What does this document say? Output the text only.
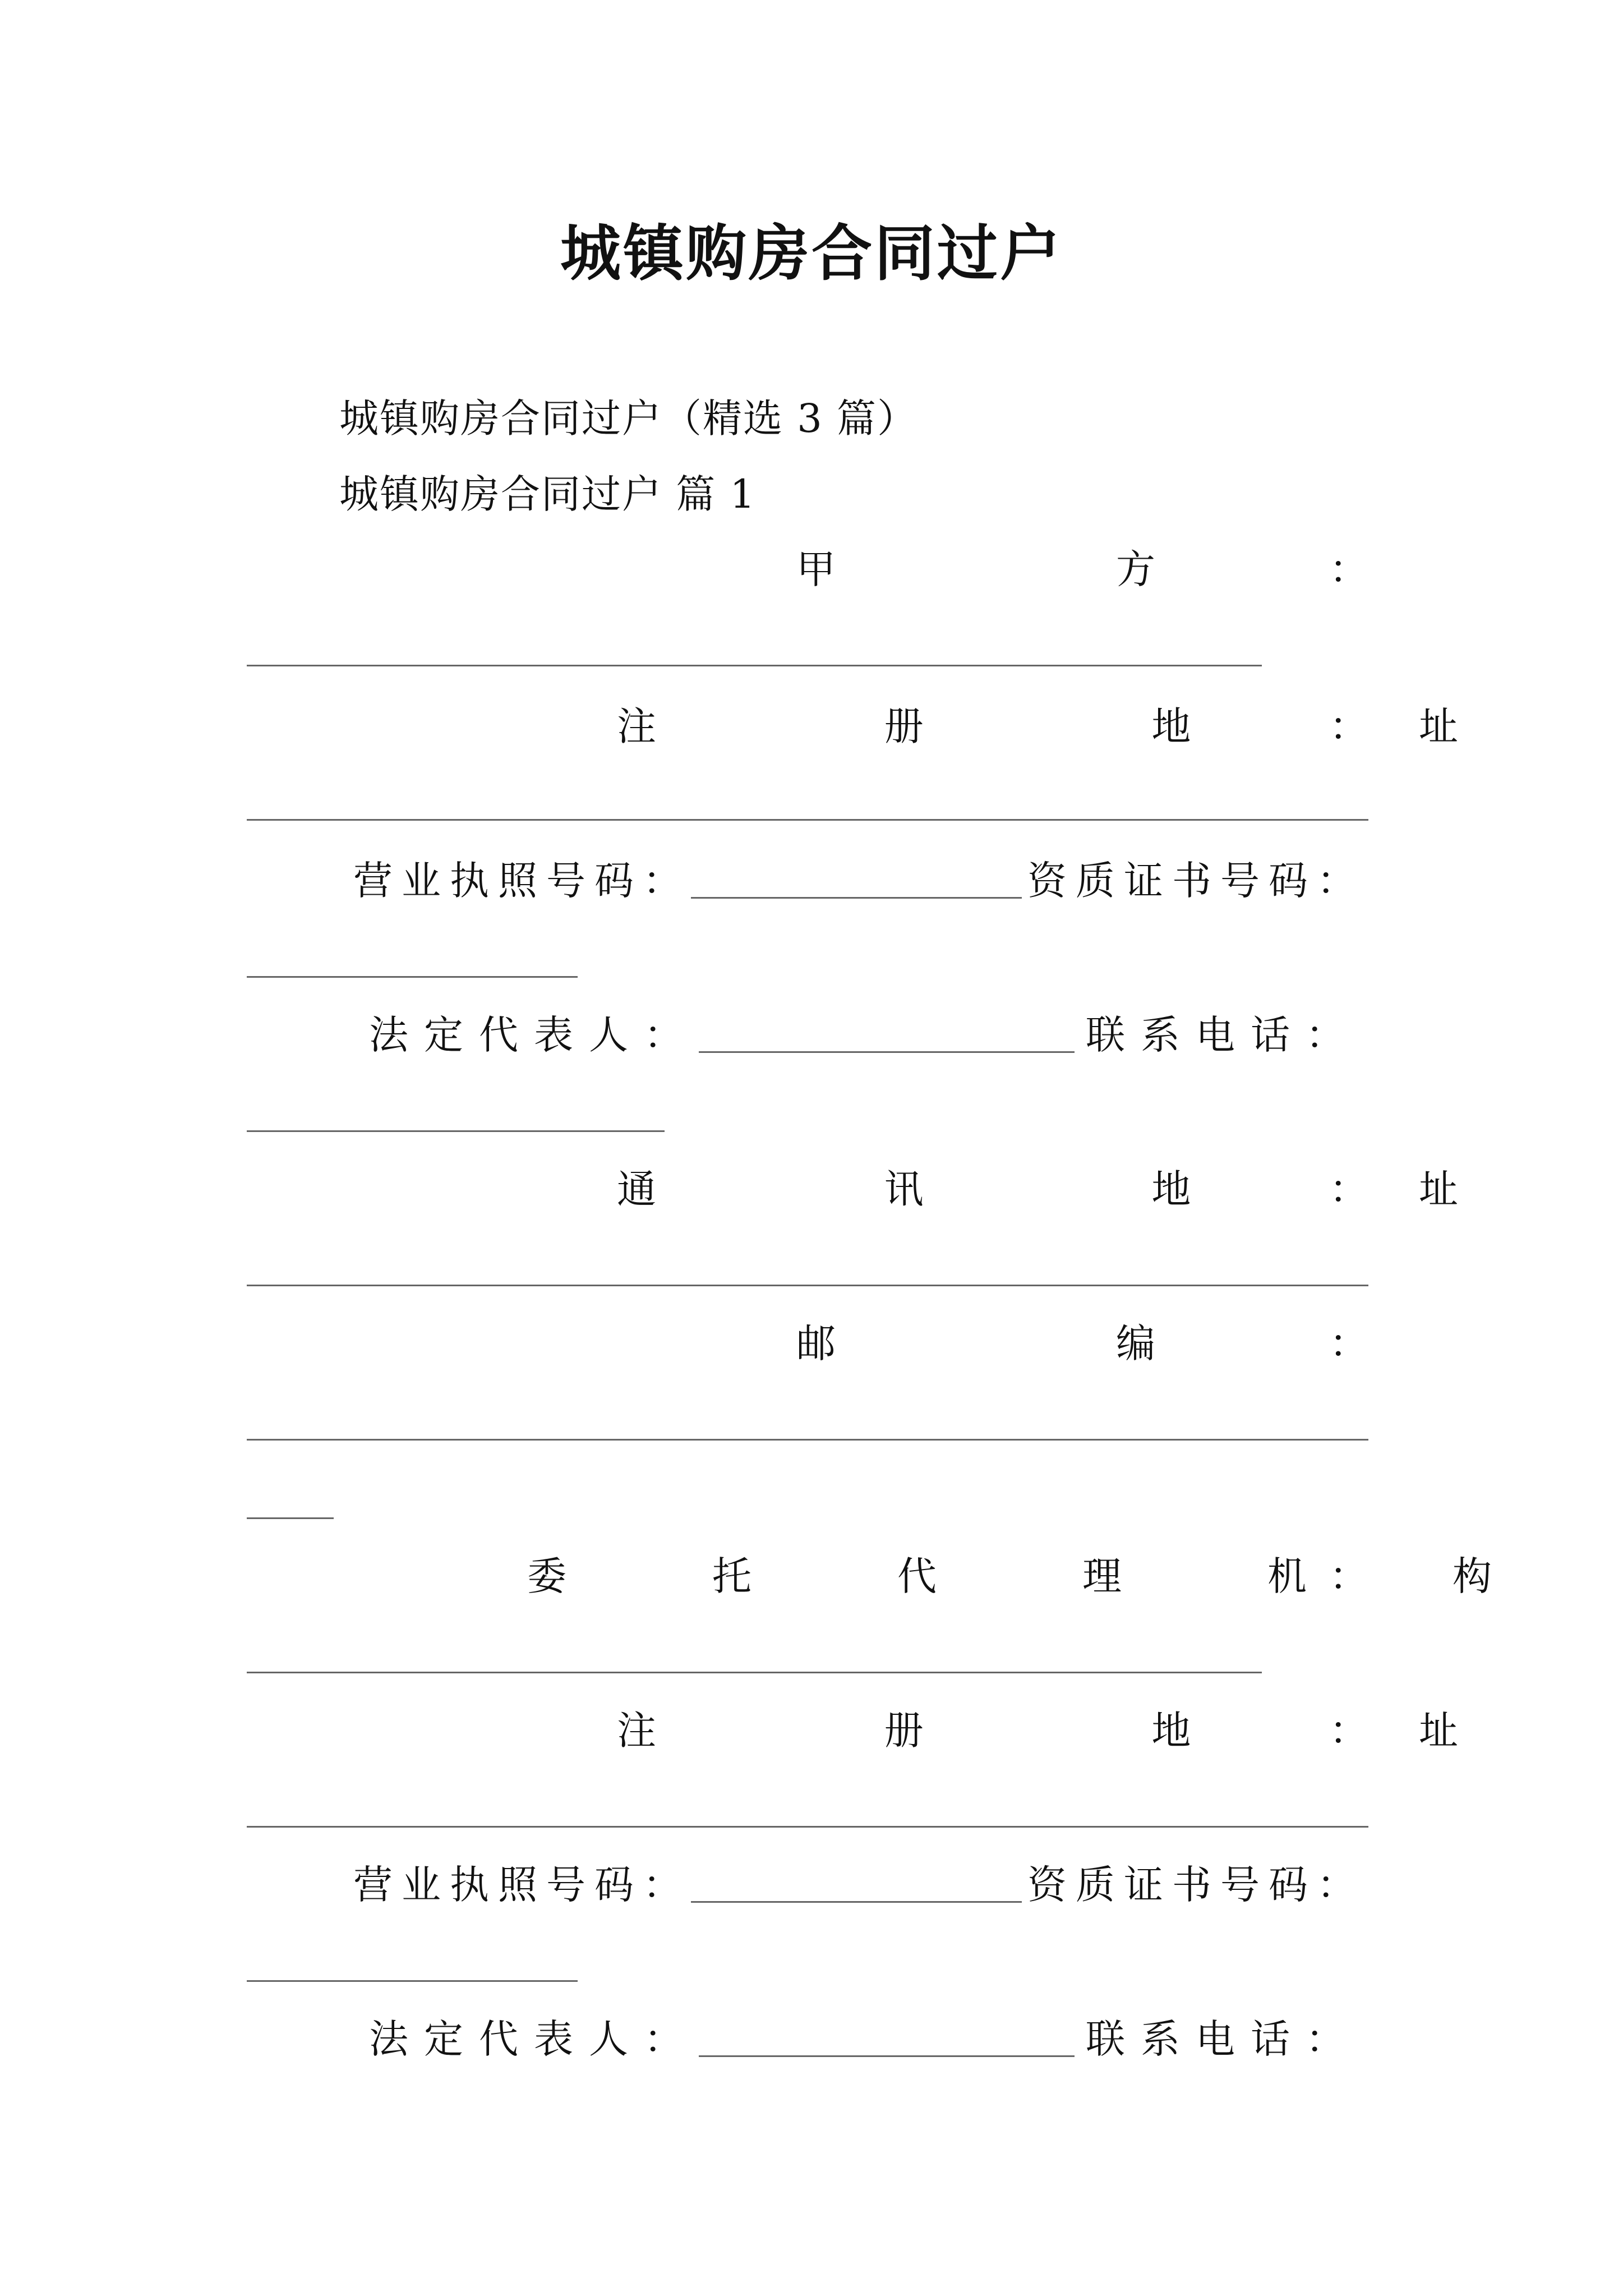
城镇购房合同过户
城镇购房合同过户（精选 3 篇）
城镇购房合同过户 篇 1
甲	方	：
注	册	地	址
：
营业执照号码：	资质证书号码：
法定代表人：	联系电话：
通	讯	地	址
：
邮	编	：
委	托	代	理	机	构
：
注	册	地	址
：
营业执照号码：	资质证书号码：
法定代表人：	联系电话：
